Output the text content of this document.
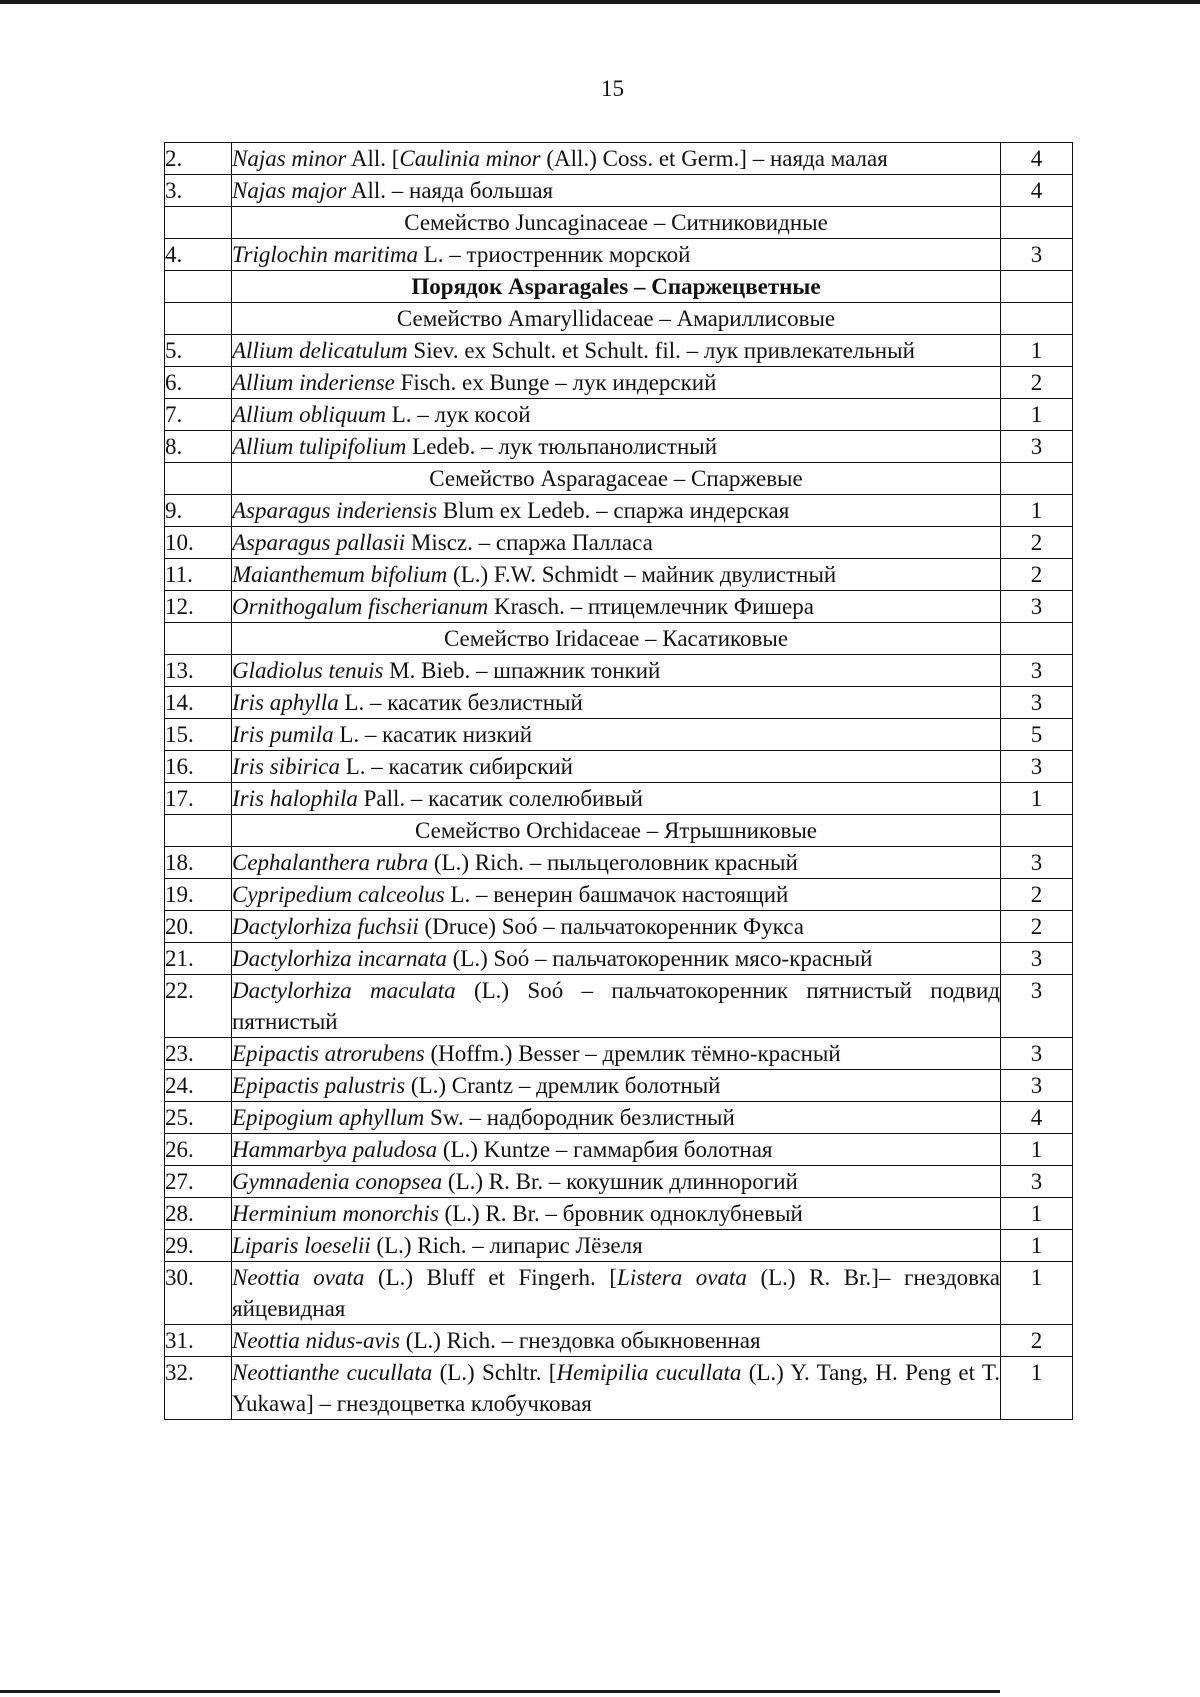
15
2.	Najas minor All. [Caulinia minor (All.) Coss. et Germ.] – наяда малая	4
3.	Najas major All. – наяда большая	4
	Семейство Juncaginaceae – Ситниковидные	
4.	Triglochin maritima L. – триостренник морской	3
	Порядок Asparagales – Спаржецветные	
	Семейство Amaryllidaceae – Амариллисовые	
5.	Allium delicatulum Siev. ex Schult. et Schult. fil. – лук привлекательный	1
6.	Allium inderiense Fisch. ex Bunge – лук индерский	2
7.	Allium obliquum L. – лук косой	1
8.	Allium tulipifolium Ledeb. – лук тюльпанолистный	3
	Семейство Asparagaceae – Спаржевые	
9.	Asparagus inderiensis Blum ex Ledeb. – спаржа индерская	1
10.	Asparagus pallasii Miscz. – спаржа Палласа	2
11.	Maianthemum bifolium (L.) F.W. Schmidt – майник двулистный	2
12.	Ornithogalum fischerianum Krasch. – птицемлечник Фишера	3
	Семейство Iridaceae – Касатиковые	
13.	Gladiolus tenuis M. Bieb. – шпажник тонкий	3
14.	Iris aphylla L. – касатик безлистный	3
15.	Iris pumila L. – касатик низкий	5
16.	Iris sibirica L. – касатик сибирский	3
17.	Iris halophila Pall. – касатик солелюбивый	1
	Семейство Orchidaceae – Ятрышниковые	
18.	Cephalanthera rubra (L.) Rich. – пыльцеголовник красный	3
19.	Cypripedium calceolus L. – венерин башмачок настоящий	2
20.	Dactylorhiza fuchsii (Druce) Soó – пальчатокоренник Фукса	2
21.	Dactylorhiza incarnata (L.) Soó – пальчатокоренник мясо-красный	3
22.	Dactylorhiza maculata (L.) Soó – пальчатокоренник пятнистый подвид пятнистый	3
23.	Epipactis atrorubens (Hoffm.) Besser – дремлик тёмно-красный	3
24.	Epipactis palustris (L.) Crantz – дремлик болотный	3
25.	Epipogium aphyllum Sw. – надбородник безлистный	4
26.	Hammarbya paludosa (L.) Kuntze – гаммарбия болотная	1
27.	Gymnadenia conopsea (L.) R. Br. – кокушник длиннорогий	3
28.	Herminium monorchis (L.) R. Br. – бровник одноклубневый	1
29.	Liparis loeselii (L.) Rich. – липарис Лёзеля	1
30.	Neottia ovata (L.) Bluff et Fingerh. [Listera ovata (L.) R. Br.]– гнездовка яйцевидная	1
31.	Neottia nidus-avis (L.) Rich. – гнездовка обыкновенная	2
32.	Neottianthe cucullata (L.) Schltr. [Hemipilia cucullata (L.) Y. Tang, H. Peng et T. Yukawa] – гнездоцветка клобучковая	1
